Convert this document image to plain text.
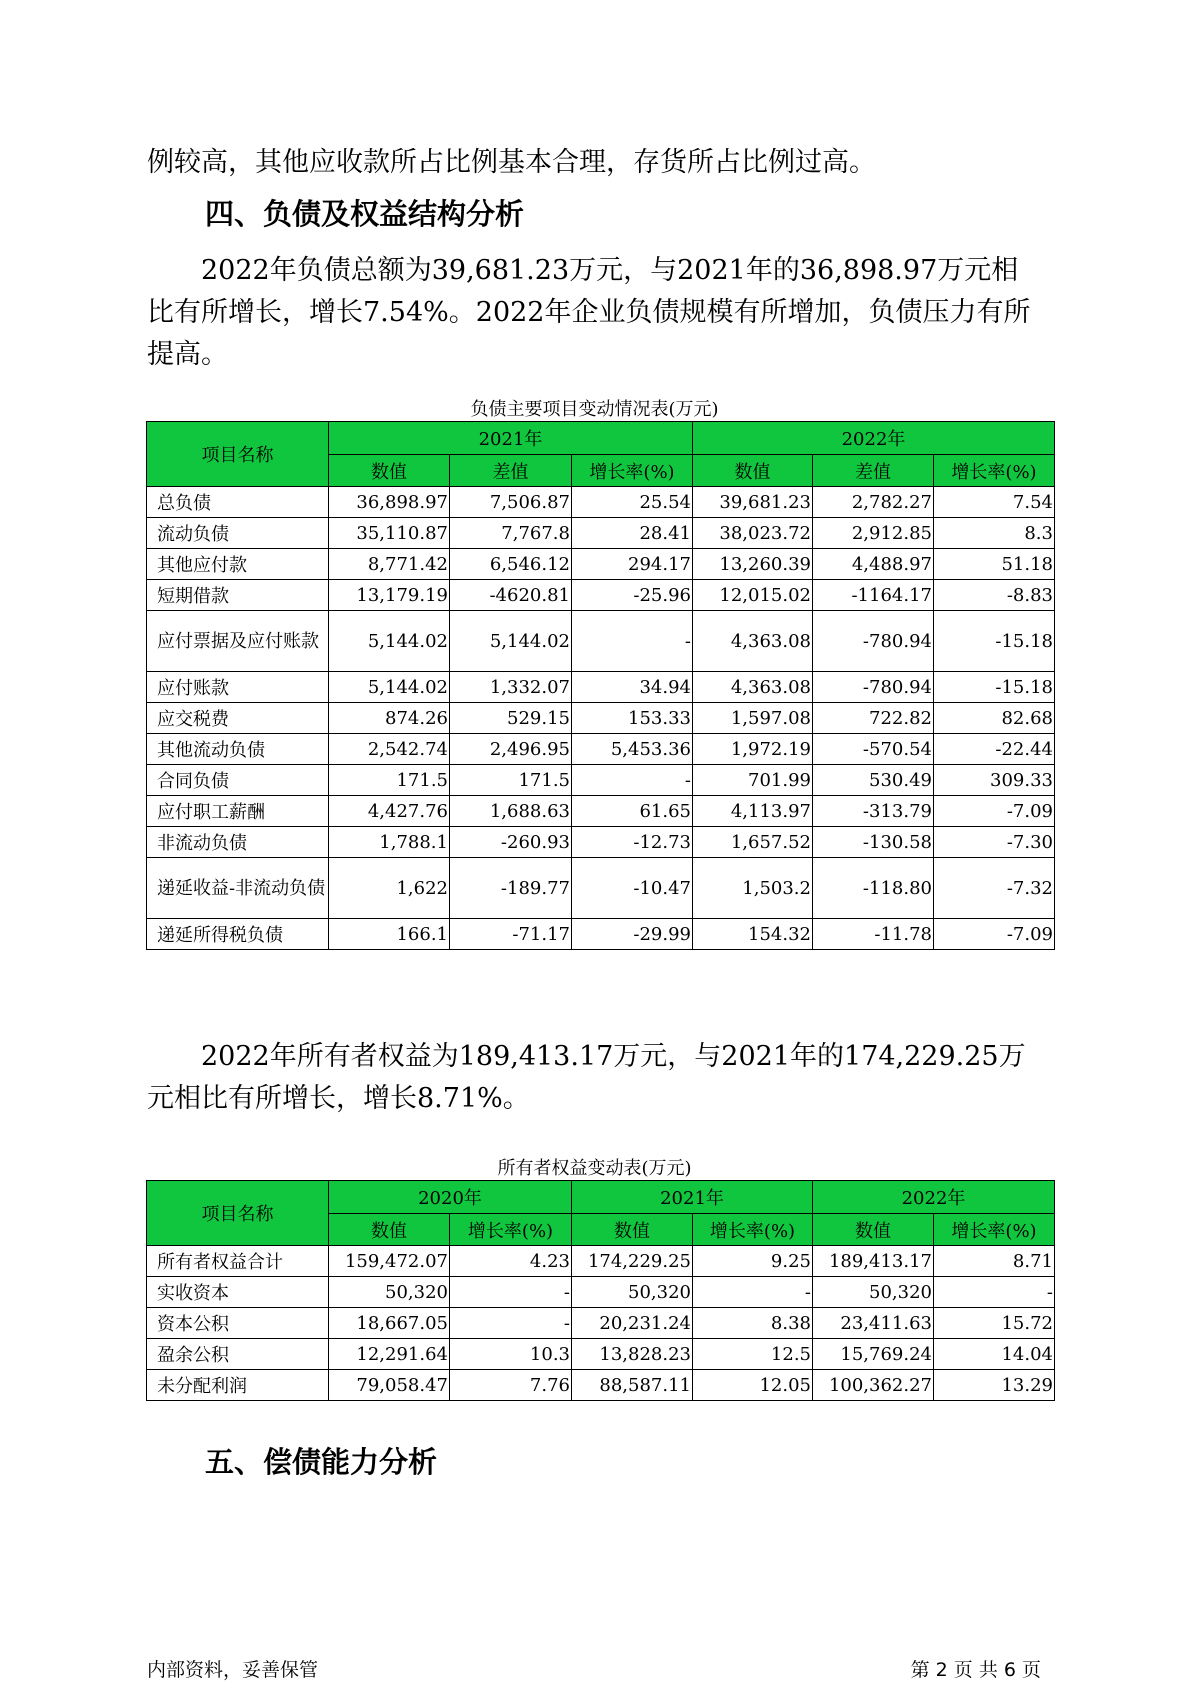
例较高，其他应收款所占比例基本合理，存货所占比例过高。

四、负债及权益结构分析

2022年负债总额为39,681.23万元，与2021年的36,898.97万元相比有所增长，增长7.54%。2022年企业负债规模有所增加，负债压力有所提高。

负债主要项目变动情况表(万元)

项目名称	2021年			2022年		
	数值	差值	增长率(%)	数值	差值	增长率(%)
总负债	36,898.97	7,506.87	25.54	39,681.23	2,782.27	7.54
流动负债	35,110.87	7,767.8	28.41	38,023.72	2,912.85	8.3
其他应付款	8,771.42	6,546.12	294.17	13,260.39	4,488.97	51.18
短期借款	13,179.19	-4620.81	-25.96	12,015.02	-1164.17	-8.83
应付票据及应付账款	5,144.02	5,144.02	-	4,363.08	-780.94	-15.18
应付账款	5,144.02	1,332.07	34.94	4,363.08	-780.94	-15.18
应交税费	874.26	529.15	153.33	1,597.08	722.82	82.68
其他流动负债	2,542.74	2,496.95	5,453.36	1,972.19	-570.54	-22.44
合同负债	171.5	171.5	-	701.99	530.49	309.33
应付职工薪酬	4,427.76	1,688.63	61.65	4,113.97	-313.79	-7.09
非流动负债	1,788.1	-260.93	-12.73	1,657.52	-130.58	-7.30
递延收益-非流动负债	1,622	-189.77	-10.47	1,503.2	-118.80	-7.32
递延所得税负债	166.1	-71.17	-29.99	154.32	-11.78	-7.09

2022年所有者权益为189,413.17万元，与2021年的174,229.25万元相比有所增长，增长8.71%。

所有者权益变动表(万元)

项目名称	2020年		2021年		2022年	
	数值	增长率(%)	数值	增长率(%)	数值	增长率(%)
所有者权益合计	159,472.07	4.23	174,229.25	9.25	189,413.17	8.71
实收资本	50,320	-	50,320	-	50,320	-
资本公积	18,667.05	-	20,231.24	8.38	23,411.63	15.72
盈余公积	12,291.64	10.3	13,828.23	12.5	15,769.24	14.04
未分配利润	79,058.47	7.76	88,587.11	12.05	100,362.27	13.29
五、偿债能力分析

内部资料，妥善保管	第 2 页 共 6 页
